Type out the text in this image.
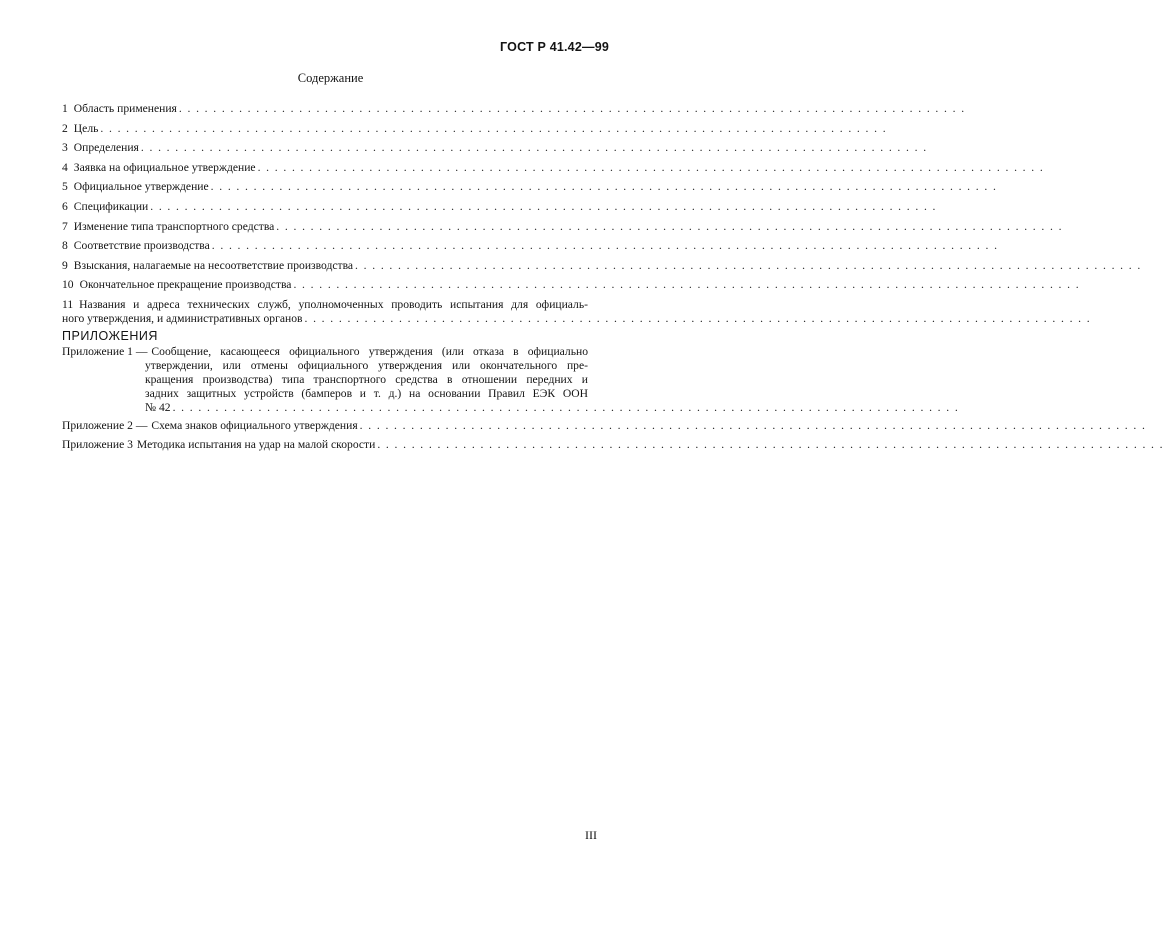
ГОСТ Р 41.42—99
Содержание
1 Область применения . . . . . . . . . . . . . . . . . . . . . . . . . . . . . . . . . . . . . . . . . . . . . . . . . . . . . . . . . . . . . . . . . . . . . . . . . . . . . . . . . . . . . . . . . . . .
2 Цель . . . . . . . . . . . . . . . . . . . . . . . . . . . . . . . . . . . . . . . . . . . . . . . . . . . . . . . . . . . . . . . . . . . . . . . . . . . . . . . . . . . . . . . . . . . .
3 Определения . . . . . . . . . . . . . . . . . . . . . . . . . . . . . . . . . . . . . . . . . . . . . . . . . . . . . . . . . . . . . . . . . . . . . . . . . . . . . . . . . . . . . . . . . . . .
4 Заявка на официальное утверждение . . . . . . . . . . . . . . . . . . . . . . . . . . . . . . . . . . . . . . . . . . . . . . . . . . . . . . . . . . . . . . . . . . . . . . . . . . . . . . . . . . . . . . . . . . . .
5 Официальное утверждение . . . . . . . . . . . . . . . . . . . . . . . . . . . . . . . . . . . . . . . . . . . . . . . . . . . . . . . . . . . . . . . . . . . . . . . . . . . . . . . . . . . . . . . . . . . .
6 Спецификации . . . . . . . . . . . . . . . . . . . . . . . . . . . . . . . . . . . . . . . . . . . . . . . . . . . . . . . . . . . . . . . . . . . . . . . . . . . . . . . . . . . . . . . . . . . .
7 Изменение типа транспортного средства . . . . . . . . . . . . . . . . . . . . . . . . . . . . . . . . . . . . . . . . . . . . . . . . . . . . . . . . . . . . . . . . . . . . . . . . . . . . . . . . . . . . . . . . . . . .
8 Соответствие производства . . . . . . . . . . . . . . . . . . . . . . . . . . . . . . . . . . . . . . . . . . . . . . . . . . . . . . . . . . . . . . . . . . . . . . . . . . . . . . . . . . . . . . . . . . . .
9 Взыскания, налагаемые на несоответствие производства . . . . . . . . . . . . . . . . . . . . . . . . . . . . . . . . . . . . . . . . . . . . . . . . . . . . . . . . . . . . . . . . . . . . . . . . . . . . . . . . . . . . . . . . . . . .
10 Окончательное прекращение производства . . . . . . . . . . . . . . . . . . . . . . . . . . . . . . . . . . . . . . . . . . . . . . . . . . . . . . . . . . . . . . . . . . . . . . . . . . . . . . . . . . . . . . . . . . . .
11 Названия и адреса технических служб, уполномоченных проводить испытания для официаль-
ного утверждения, и административных органов . . . . . . . . . . . . . . . . . . . . . . . . . . . . . . . . . . . . . . . . . . . . . . . . . . . . . . . . . . . . . . . . . . . . . . . . . . . . . . . . . . . . . . . . . . . .
ПРИЛОЖЕНИЯ
Приложение 1 — Сообщение, касающееся официального утверждения (или отказа в официально
утверждении, или отмены официального утверждения или окончательного пре-
кращения производства) типа транспортного средства в отношении передних и
задних защитных устройств (бамперов и т. д.) на основании Правил ЕЭК ООН
№ 42 . . . . . . . . . . . . . . . . . . . . . . . . . . . . . . . . . . . . . . . . . . . . . . . . . . . . . . . . . . . . . . . . . . . . . . . . . . . . . . . . . . . . . . . . . . . .
Приложение 2 — Схема знаков официального утверждения . . . . . . . . . . . . . . . . . . . . . . . . . . . . . . . . . . . . . . . . . . . . . . . . . . . . . . . . . . . . . . . . . . . . . . . . . . . . . . . . . . . . . . . . . . . .
Приложение 3 Методика испытания на удар на малой скорости . . . . . . . . . . . . . . . . . . . . . . . . . . . . . . . . . . . . . . . . . . . . . . . . . . . . . . . . . . . . . . . . . . . . . . . . . . . . . . . . . . . . . . . . . . . .
III
